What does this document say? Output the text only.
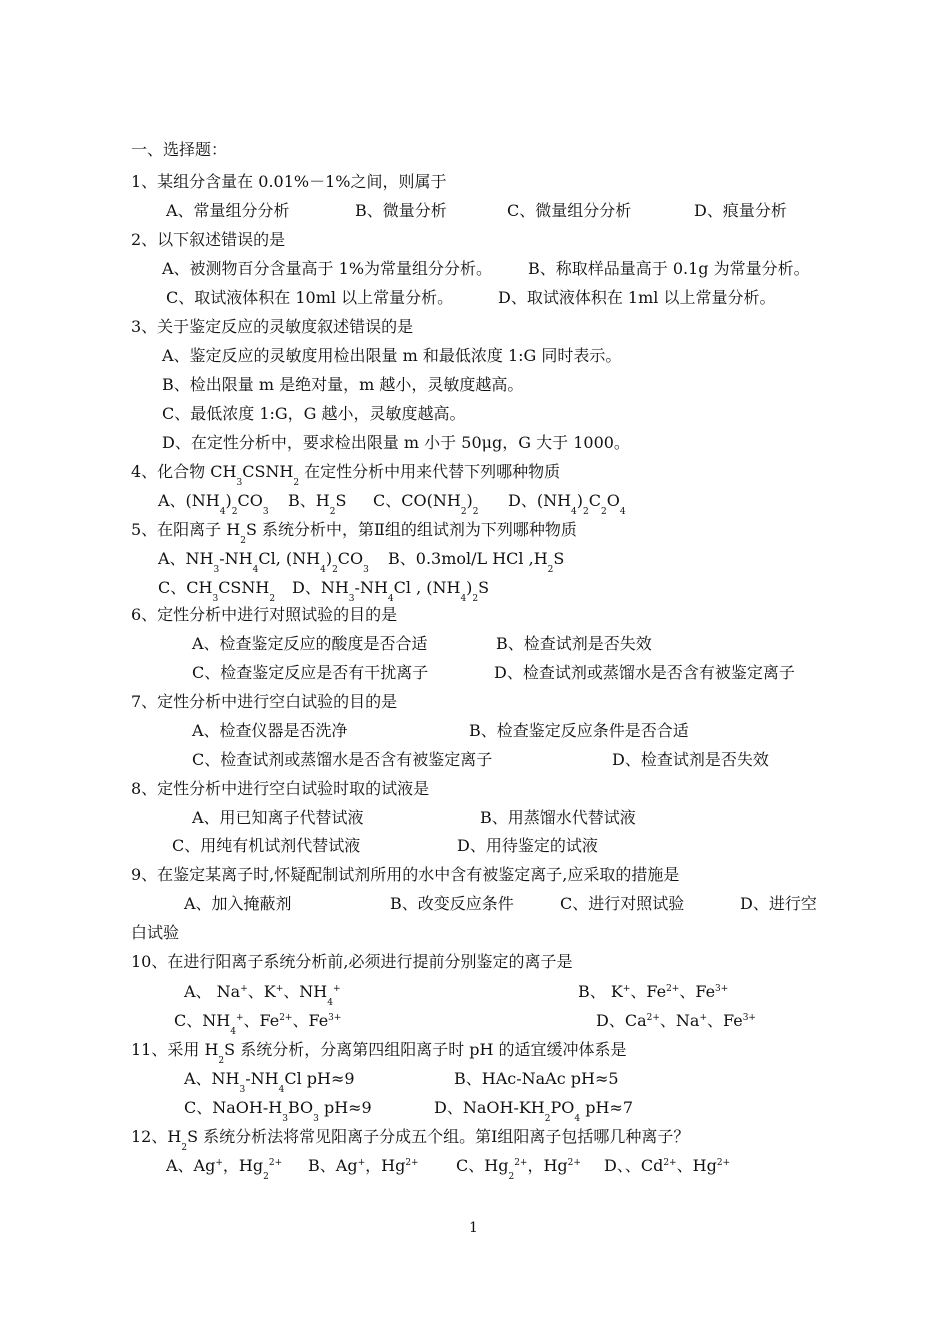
一、选择题：
1、某组分含量在 0.01%－1%之间，则属于
A、常量组分分析	B、微量分析	C、微量组分分析	D、痕量分析
2、以下叙述错误的是
A、被测物百分含量高于 1%为常量组分分析。 B、称取样品量高于 0.1g 为常量分析。
C、取试液体积在 10ml 以上常量分析。	D、取试液体积在 1ml 以上常量分析。
3、关于鉴定反应的灵敏度叙述错误的是
A、鉴定反应的灵敏度用检出限量 m 和最低浓度 1:G 同时表示。
B、检出限量 m 是绝对量，m 越小，灵敏度越高。
C、最低浓度 1:G，G 越小，灵敏度越高。
D、在定性分析中，要求检出限量 m 小于 50μg，G 大于 1000。
4、化合物 $CH_3CSNH_2$ 在定性分析中用来代替下列哪种物质
A、$(NH_4)_2CO_3$
B、$H_2S$ C、$CO(NH_2)_2$
D、$(NH_4)_2C_2O_4$
5、在阳离子 $H_2S$ 系统分析中，第Ⅱ组的组试剂为下列哪种物质
A、$NH_3-NH_4Cl$, $(NH_4)_2CO_3$
B、0.3mol/L HCl $,H_2S$
C、$CH_3CSNH_2$
D、$NH_3-NH_4Cl$ , $(NH_4)_2S$
6、定性分析中进行对照试验的目的是
A、检查鉴定反应的酸度是否合适	B、检查试剂是否失效
C、检查鉴定反应是否有干扰离子	D、检查试剂或蒸馏水是否含有被鉴定离子
7、定性分析中进行空白试验的目的是
A、检查仪器是否洗净	B、检查鉴定反应条件是否合适
C、检查试剂或蒸馏水是否含有被鉴定离子	D、检查试剂是否失效
8、定性分析中进行空白试验时取的试液是
A、用已知离子代替试液	B、用蒸馏水代替试液
C、用纯有机试剂代替试液	D、用待鉴定的试液
9、在鉴定某离子时,怀疑配制试剂所用的水中含有被鉴定离子,应采取的措施是
A、加入掩蔽剂	B、改变反应条件	C、进行对照试验	D、进行空
白试验
10、在进行阳离子系统分析前,必须进行提前分别鉴定的离子是
A、 Na+、K+、$NH_4^+$	B、 K+、$Fe^{2+}$、$Fe^{3+}$
C、$NH_4^+$、$Fe^{2+}$、$Fe^{3+}$	D、$Ca^{2+}$、Na+、$Fe^{3+}$
11、采用 $H_2S$ 系统分析，分离第四组阳离子时 pH 的适宜缓冲体系是
A、$NH_3-NH_4Cl$ pH≈9	B、HAc-NaAc pH≈5
C、NaOH-$H_3BO_3$ pH≈9	D、NaOH-$KH_2PO_4$ pH≈7
12、$H_2S$ 系统分析法将常见阳离子分成五个组。第Ⅰ组阳离子包括哪几种离子？
A、Ag+，$Hg_2^{2+}$ B、Ag+，$Hg^{2+}$ C、$Hg_2^{2+}$，$Hg^{2+}$ D、、$Cd^{2+}$、$Hg^{2+}$
1
